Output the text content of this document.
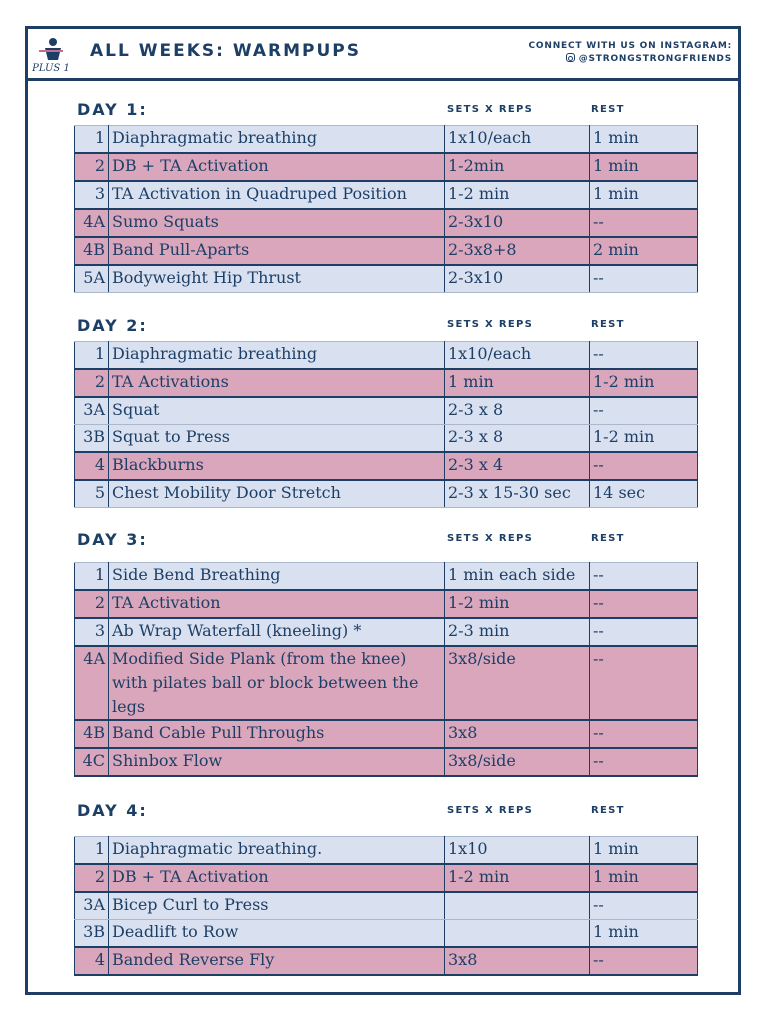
PLUS 1
ALL WEEKS: WARMPUPS	CONNECT WITH US ON INSTAGRAM:
@STRONGSTRONGFRIENDS
DAY 1:	SETS X REPS	REST
1	Diaphragmatic breathing	1x10/each	1 min
2	DB + TA Activation	1-2min	1 min
3	TA Activation in Quadruped Position	1-2 min	1 min
4A	Sumo Squats	2-3x10	--
4B	Band Pull-Aparts	2-3x8+8	2 min
5A	Bodyweight Hip Thrust	2-3x10	--
DAY 2:	SETS X REPS	REST
1	Diaphragmatic breathing	1x10/each	--
2	TA Activations	1 min	1-2 min
3A	Squat	2-3 x 8	--
3B	Squat to Press	2-3 x 8	1-2 min
4	Blackburns	2-3 x 4	--
5	Chest Mobility Door Stretch	2-3 x 15-30 sec	14 sec
DAY 3:	SETS X REPS	REST
1	Side Bend Breathing	1 min each side	--
2	TA Activation	1-2 min	--
3	Ab Wrap Waterfall (kneeling) *	2-3 min	--
4A	Modified Side Plank (from the knee) with pilates ball or block between the legs	3x8/side	--
4B	Band Cable Pull Throughs	3x8	--
4C	Shinbox Flow	3x8/side	--
DAY 4:	SETS X REPS	REST
1	Diaphragmatic breathing.	1x10	1 min
2	DB + TA Activation	1-2 min	1 min
3A	Bicep Curl to Press		--
3B	Deadlift to Row		1 min
4	Banded Reverse Fly	3x8	--
